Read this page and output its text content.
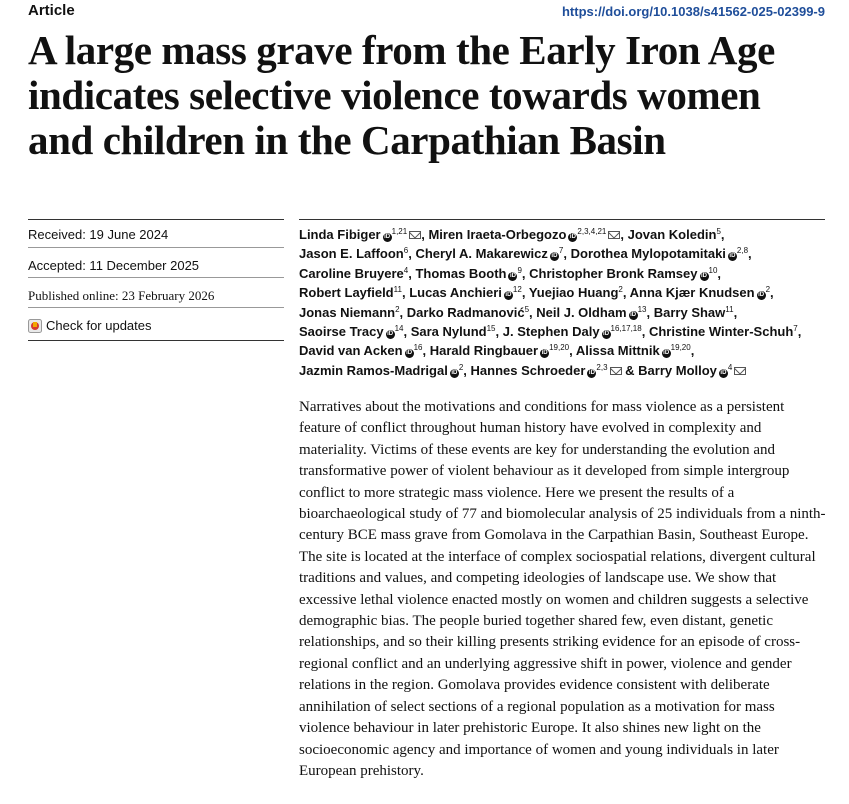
Article	https://doi.org/10.1038/s41562-025-02399-9
A large mass grave from the Early Iron Age indicates selective violence towards women and children in the Carpathian Basin
Received: 19 June 2024
Accepted: 11 December 2025
Published online: 23 February 2026
Check for updates
Linda Fibiger iD$^{1,21}$ , Miren Iraeta-Orbegozo iD$^{2,3,4,21}$ , Jovan Koledin$^5$, Jason E. Laffoon$^6$, Cheryl A. Makarewicz $iD^7$, Dorothea Mylopotamitaki iD$^{2,8}$, Caroline Bruyere$^4$, Thomas Booth $iD^9$, Christopher Bronk Ramsey $iD^{10}$, Robert Layfield$^{11}$, Lucas Anchieri $iD^{12}$, Yuejiao Huang$^2$, Anna Kjær Knudsen $iD^2$, Jonas Niemann$^2$, Darko Radmanović$^5$, Neil J. Oldham $iD^{13}$, Barry Shaw$^{11}$, Saoirse Tracy $iD^{14}$, Sara Nylund$^{15}$, J. Stephen Daly iD$^{16,17,18}$, Christine Winter-Schuh$^7$, David van Acken $iD^{16}$, Harald Ringbauer iD$^{19,20}$, Alissa Mittnik iD$^{19,20}$, Jazmin Ramos-Madrigal $iD^2$, Hannes Schroeder iD$^{2,3}$ & Barry Molloy $iD^4$

Narratives about the motivations and conditions for mass violence as a persistent feature of conflict throughout human history have evolved in complexity and materiality. Victims of these events are key for understanding the evolution and transformative power of violent behaviour as it developed from simple intergroup conflict to more strategic mass violence. Here we present the results of a bioarchaeological study of 77 and biomolecular analysis of 25 individuals from a ninth-century BCE mass grave from Gomolava in the Carpathian Basin, Southeast Europe. The site is located at the interface of complex sociospatial relations, divergent cultural traditions and values, and competing ideologies of landscape use. We show that excessive lethal violence enacted mostly on women and children suggests a selective demographic bias. The people buried together shared few, even distant, genetic relationships, and so their killing presents striking evidence for an episode of cross-regional conflict and an underlying aggressive shift in power, violence and gender relations in the region. Gomolava provides evidence consistent with deliberate annihilation of select sections of a regional population as a motivation for mass violence behaviour in later prehistoric Europe. It also shines new light on the socioeconomic agency and importance of women and young individuals in later European prehistory.
